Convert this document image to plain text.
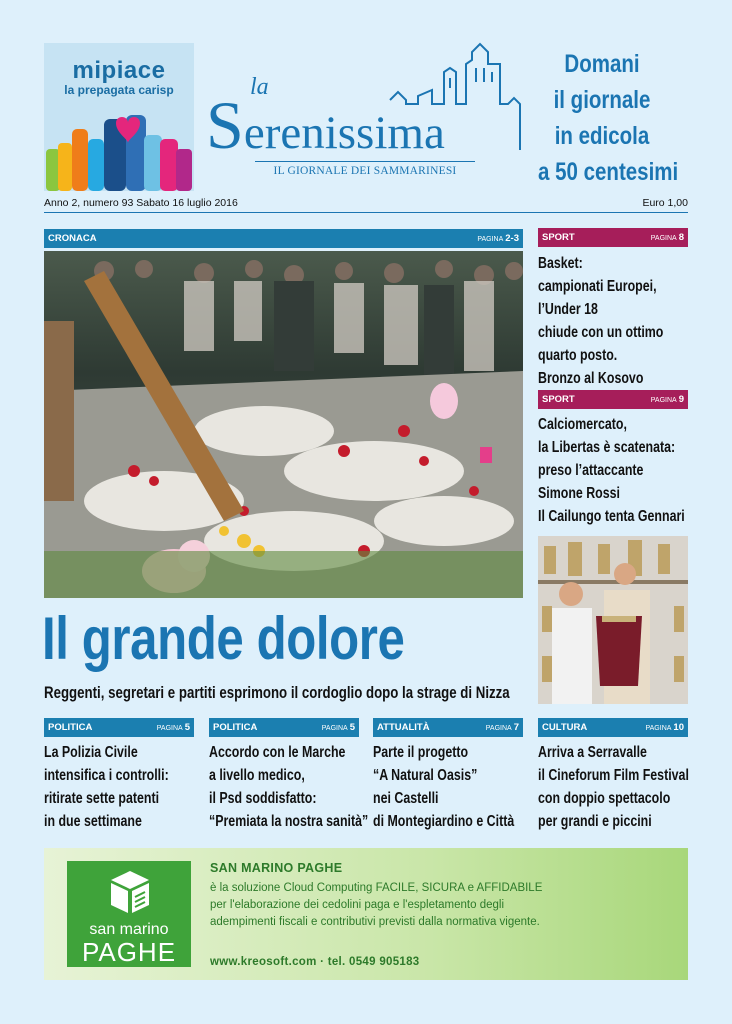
mipiace
la prepagata carisp	la
Serenissima
IL GIORNALE DEI SAMMARINESI
Domani
il giornale
in edicola
a 50 centesimi
Anno 2, numero 93 Sabato 16 luglio 2016	Euro 1,00
CRONACA	PAGINA 2-3
Il grande dolore
Reggenti, segretari e partiti esprimono il cordoglio dopo la strage di Nizza
SPORT	PAGINA 8
Basket:
campionati Europei,
l’Under 18
chiude con un ottimo
quarto posto.
Bronzo al Kosovo
SPORT	PAGINA 9
Calciomercato,
la Libertas è scatenata:
preso l’attaccante
Simone Rossi
Il Cailungo tenta Gennari
POLITICA	PAGINA 5
La Polizia Civile
intensifica i controlli:
ritirate sette patenti
in due settimane
POLITICA	PAGINA 5
Accordo con le Marche
a livello medico,
il Psd soddisfatto:
“Premiata la nostra sanità”
ATTUALITÀ	PAGINA 7
Parte il progetto
“A Natural Oasis”
nei Castelli
di Montegiardino e Città
CULTURA	PAGINA 10
Arriva a Serravalle
il Cineforum Film Festival
con doppio spettacolo
per grandi e piccini
san marino
PAGHE
SAN MARINO PAGHE
è la soluzione Cloud Computing FACILE, SICURA e AFFIDABILE
per l'elaborazione dei cedolini paga e l'espletamento degli
adempimenti fiscali e contributivi previsti dalla normativa vigente.
www.kreosoft.com · tel. 0549 905183
